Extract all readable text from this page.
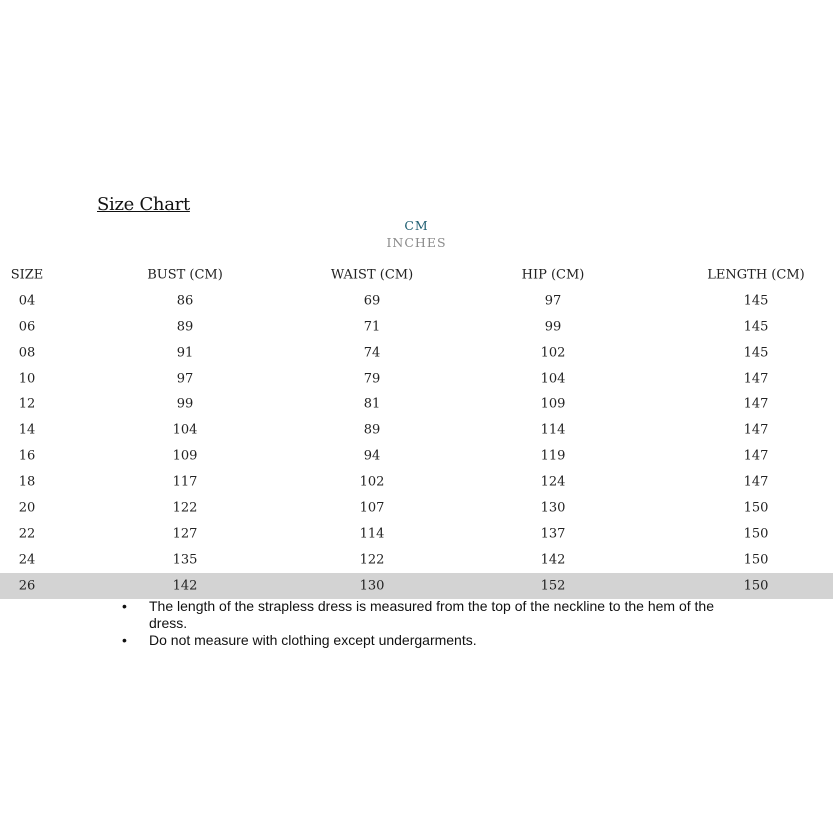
Size Chart
CM
INCHES
SIZE	BUST (CM)	WAIST (CM)	HIP (CM)	LENGTH (CM)
04	86	69	97	145
06	89	71	99	145
08	91	74	102	145
10	97	79	104	147
12	99	81	109	147
14	104	89	114	147
16	109	94	119	147
18	117	102	124	147
20	122	107	130	150
22	127	114	137	150
24	135	122	142	150
26	142	130	152	150
• The length of the strapless dress is measured from the top of the neckline to the hem of the dress.
• Do not measure with clothing except undergarments.
